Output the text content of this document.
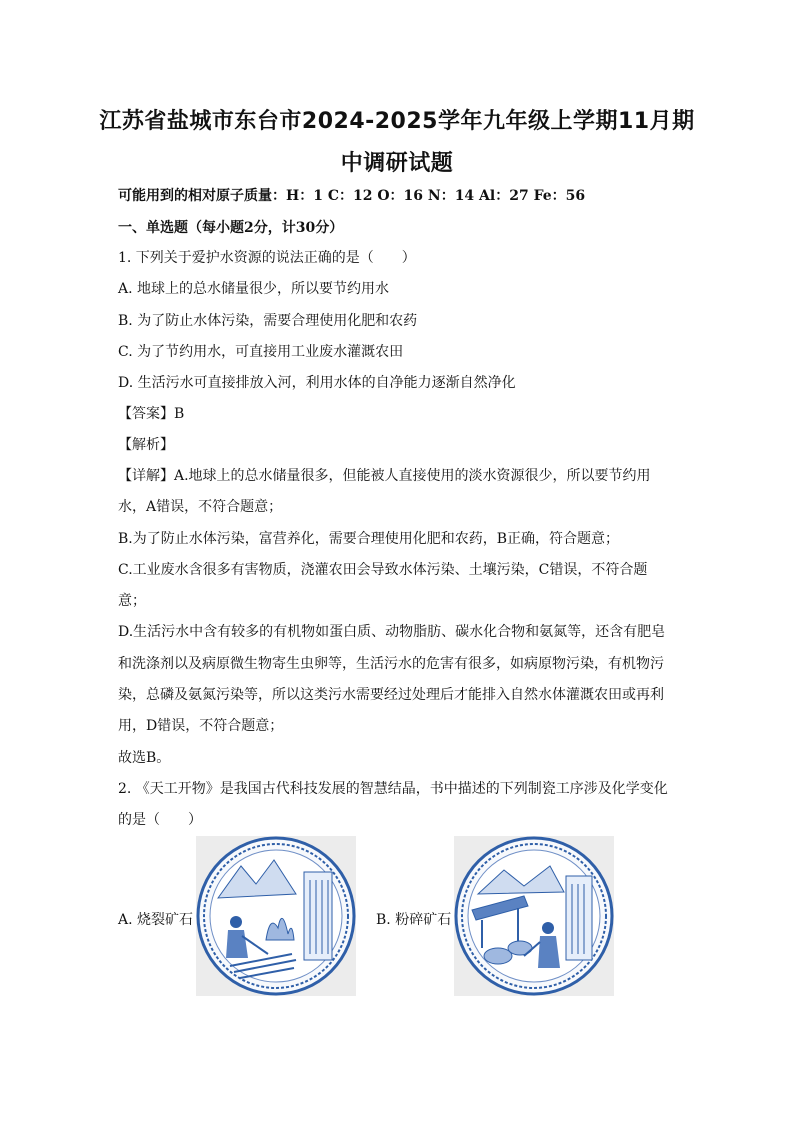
江苏省盐城市东台市2024-2025学年九年级上学期11月期
中调研试题
可能用到的相对原子质量：H：1 C：12 O：16 N：14 Al：27 Fe：56
一、单选题（每小题2分，计30分）
1. 下列关于爱护水资源的说法正确的是（　　）
A. 地球上的总水储量很少，所以要节约用水
B. 为了防止水体污染，需要合理使用化肥和农药
C. 为了节约用水，可直接用工业废水灌溉农田
D. 生活污水可直接排放入河，利用水体的自净能力逐渐自然净化
【答案】B
【解析】
【详解】A.地球上的总水储量很多，但能被人直接使用的淡水资源很少，所以要节约用
水，A错误，不符合题意；
B.为了防止水体污染，富营养化，需要合理使用化肥和农药，B正确，符合题意；
C.工业废水含很多有害物质，浇灌农田会导致水体污染、土壤污染，C错误，不符合题
意；
D.生活污水中含有较多的有机物如蛋白质、动物脂肪、碳水化合物和氨氮等，还含有肥皂
和洗涤剂以及病原微生物寄生虫卵等，生活污水的危害有很多，如病原物污染，有机物污
染，总磷及氨氮污染等，所以这类污水需要经过处理后才能排入自然水体灌溉农田或再利
用，D错误，不符合题意；
故选B。
2. 《天工开物》是我国古代科技发展的智慧结晶，书中描述的下列制瓷工序涉及化学变化
的是（　　）
A. 烧裂矿石	B. 粉碎矿石
